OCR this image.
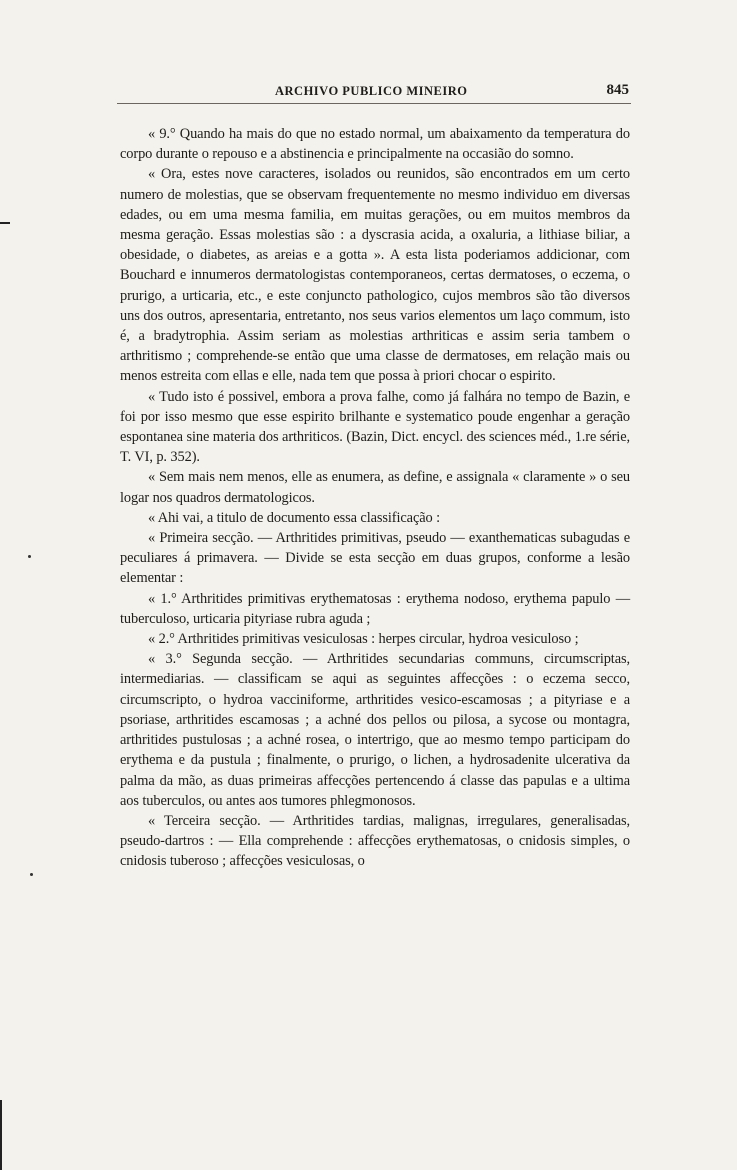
ARCHIVO PUBLICO MINEIRO	845

« 9.° Quando ha mais do que no estado normal, um abaixamento da temperatura do corpo durante o repouso e a abstinencia e principalmente na occasião do somno.

« Ora, estes nove caracteres, isolados ou reunidos, são encontrados em um certo numero de molestias, que se observam frequentemente no mesmo individuo em diversas edades, ou em uma mesma familia, em muitas gerações, ou em muitos membros da mesma geração. Essas molestias são : a dyscrasia acida, a oxaluria, a lithiase biliar, a obesidade, o diabetes, as areias e a gotta ». A esta lista poderiamos addicionar, com Bouchard e innumeros dermatologistas contemporaneos, certas dermatoses, o eczema, o prurigo, a urticaria, etc., e este conjuncto pathologico, cujos membros são tão diversos uns dos outros, apresentaria, entretanto, nos seus varios elementos um laço commum, isto é, a bradytrophia. Assim seriam as molestias arthriticas e assim seria tambem o arthritismo ; comprehende-se então que uma classe de dermatoses, em relação mais ou menos estreita com ellas e elle, nada tem que possa à priori chocar o espirito.

« Tudo isto é possivel, embora a prova falhe, como já falhára no tempo de Bazin, e foi por isso mesmo que esse espirito brilhante e systematico poude engenhar a geração espontanea sine materia dos arthriticos. (Bazin, Dict. encycl. des sciences méd., 1.re série, T. VI, p. 352).

« Sem mais nem menos, elle as enumera, as define, e assignala « claramente » o seu logar nos quadros dermatologicos.

« Ahi vai, a titulo de documento essa classificação :

« Primeira secção. — Arthritides primitivas, pseudo — exanthematicas subagudas e peculiares á primavera. — Divide se esta secção em duas grupos, conforme a lesão elementar :

« 1.° Arthritides primitivas erythematosas : erythema nodoso, erythema papulo — tuberculoso, urticaria pityriase rubra aguda ;

« 2.° Arthritides primitivas vesiculosas : herpes circular, hydroa vesiculoso ;

« 3.° Segunda secção. — Arthritides secundarias communs, circumscriptas, intermediarias. — classificam se aqui as seguintes affecções : o eczema secco, circumscripto, o hydroa vacciniforme, arthritides vesico-escamosas ; a pityriase e a psoriase, arthritides escamosas ; a achné dos pellos ou pilosa, a sycose ou montagra, arthritides pustulosas ; a achné rosea, o intertrigo, que ao mesmo tempo participam do erythema e da pustula ; finalmente, o prurigo, o lichen, a hydrosadenite ulcerativa da palma da mão, as duas primeiras affecções pertencendo á classe das papulas e a ultima aos tuberculos, ou antes aos tumores phlegmonosos.

« Terceira secção. — Arthritides tardias, malignas, irregulares, generalisadas, pseudo-dartros : — Ella comprehende : affecções erythematosas, o cnidosis simples, o cnidosis tuberoso ; affecções vesiculosas, o
